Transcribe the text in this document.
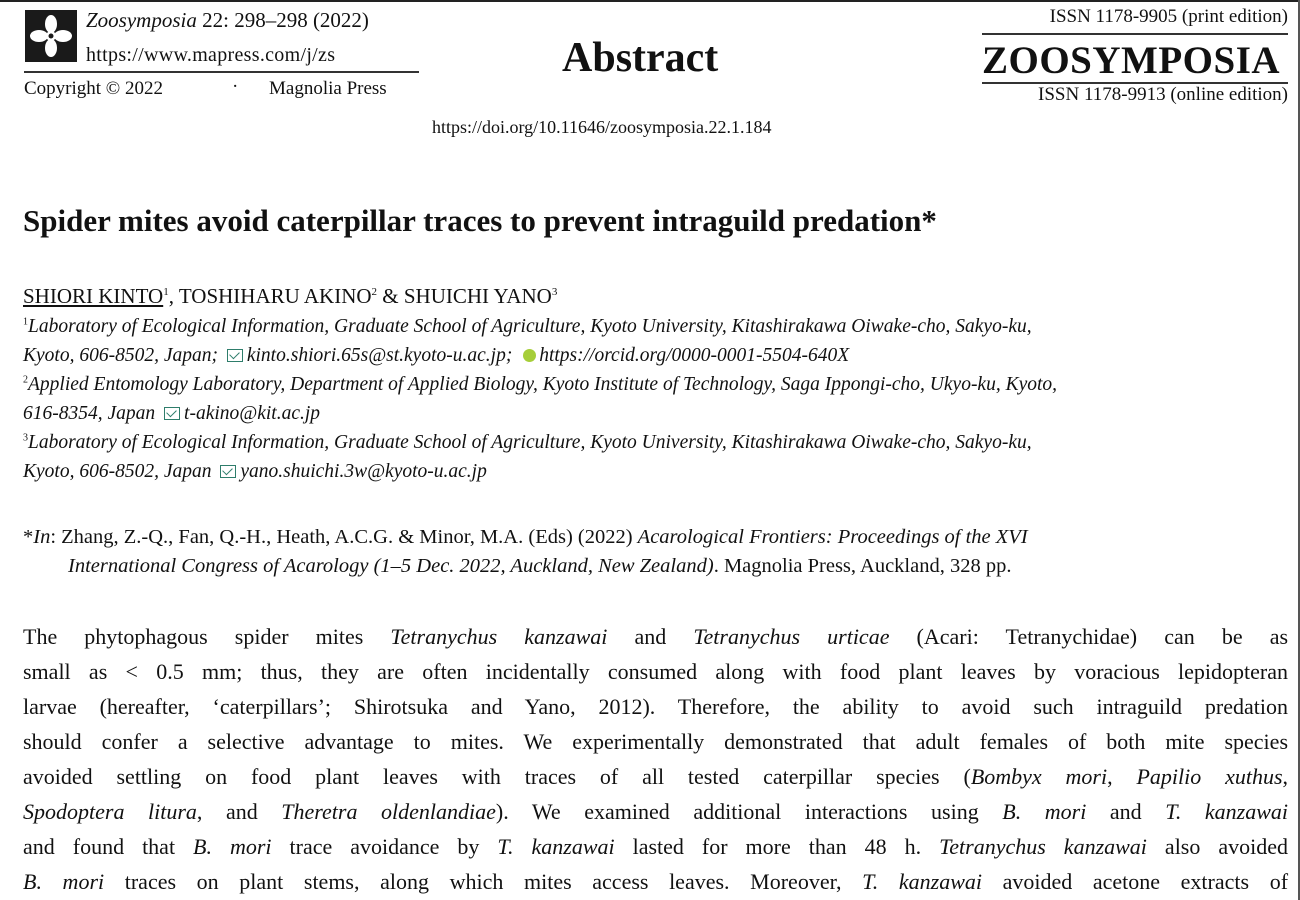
Zoosymposia 22: 298–298 (2022)
https://www.mapress.com/j/zs
Copyright © 2022	· Magnolia Press
Abstract
https://doi.org/10.11646/zoosymposia.22.1.184
ISSN 1178-9905 (print edition)
ZOOSYMPOSIA
ISSN 1178-9913 (online edition)
Spider mites avoid caterpillar traces to prevent intraguild predation*
SHIORI KINTO$^1$, TOSHIHARU AKINO$^2$ & SHUICHI YANO$^3$
$^1$Laboratory of Ecological Information, Graduate School of Agriculture, Kyoto University, Kitashirakawa Oiwake-cho, Sakyo-ku,
Kyoto, 606-8502, Japan; kinto.shiori.65s@st.kyoto-u.ac.jp; https://orcid.org/0000-0001-5504-640X
$^2$Applied Entomology Laboratory, Department of Applied Biology, Kyoto Institute of Technology, Saga Ippongi-cho, Ukyo-ku, Kyoto,
616-8354, Japan t-akino@kit.ac.jp
$^3$Laboratory of Ecological Information, Graduate School of Agriculture, Kyoto University, Kitashirakawa Oiwake-cho, Sakyo-ku,
Kyoto, 606-8502, Japan yano.shuichi.3w@kyoto-u.ac.jp
*In: Zhang, Z.-Q., Fan, Q.-H., Heath, A.C.G. & Minor, M.A. (Eds) (2022) Acarological Frontiers: Proceedings of the XVI
International Congress of Acarology (1–5 Dec. 2022, Auckland, New Zealand). Magnolia Press, Auckland, 328 pp.
The phytophagous spider mites Tetranychus kanzawai and Tetranychus urticae (Acari: Tetranychidae) can be as
small as < 0.5 mm; thus, they are often incidentally consumed along with food plant leaves by voracious lepidopteran
larvae (hereafter, ‘caterpillars’; Shirotsuka and Yano, 2012). Therefore, the ability to avoid such intraguild predation
should confer a selective advantage to mites. We experimentally demonstrated that adult females of both mite species
avoided settling on food plant leaves with traces of all tested caterpillar species (Bombyx mori, Papilio xuthus,
Spodoptera litura, and Theretra oldenlandiae). We examined additional interactions using B. mori and T. kanzawai
and found that B. mori trace avoidance by T. kanzawai lasted for more than 48 h. Tetranychus kanzawai also avoided
B. mori traces on plant stems, along which mites access leaves. Moreover, T. kanzawai avoided acetone extracts of
